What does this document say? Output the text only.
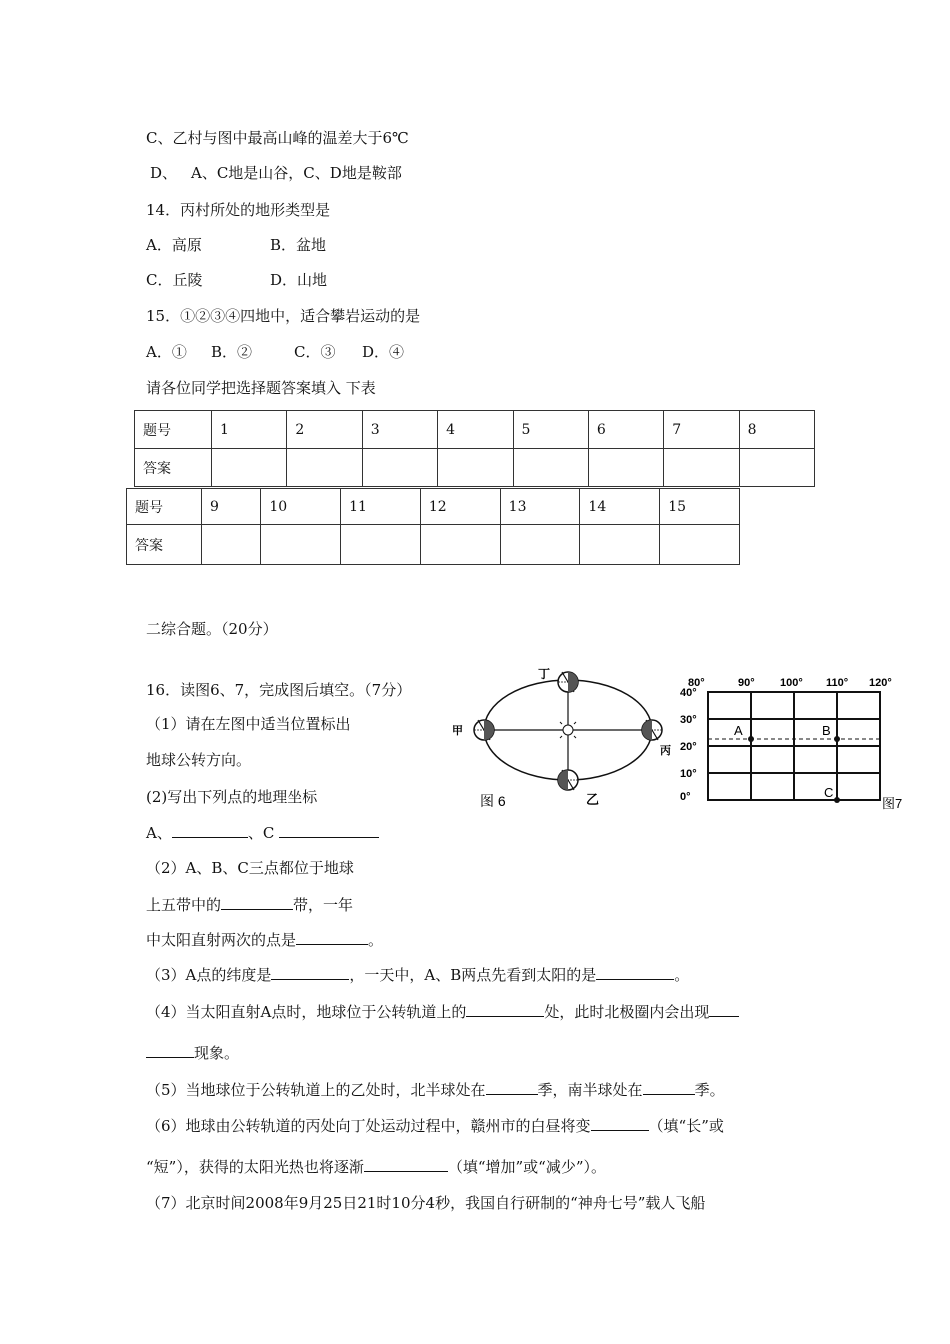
C、乙村与图中最高山峰的温差大于6℃
D、 A、C地是山谷，C、D地是鞍部
14．丙村所处的地形类型是
A．高原	B．盆地
C．丘陵	D．山地
15．①②③④四地中，适合攀岩运动的是
A．① B．②	C．③ D．④
请各位同学把选择题答案填入 下表
题号	1	2	3	4	5	6	7	8
答案								
题号	9	10	11	12	13	14	15
答案							
二综合题。（20分）
16．读图6、7，完成图后填空。（7分）
（1）请在左图中适当位置标出
地球公转方向。
(2)写出下列点的地理坐标
A、	、C
（2）A、B、C三点都位于地球
上五带中的	带，一年
中太阳直射两次的点是	。
（3）A点的纬度是	，一天中，A、B两点先看到太阳的是	。
（4）当太阳直射A点时，地球位于公转轨道上的	处，此时北极圈内会出现
现象。
（5）当地球位于公转轨道上的乙处时，北半球处在	季，南半球处在	季。
（6）地球由公转轨道的丙处向丁处运动过程中，赣州市的白昼将变	（填“长”或
“短”），获得的太阳光热也将逐渐	（填“增加”或“减少”）。
（7）北京时间2008年9月25日21时10分4秒，我国自行研制的“神舟七号”载人飞船
丁
甲
丙
乙
图 6
80°	90° 100° 110° 120°
40°
30°
20°
10°
0°
A	B
C
图7
